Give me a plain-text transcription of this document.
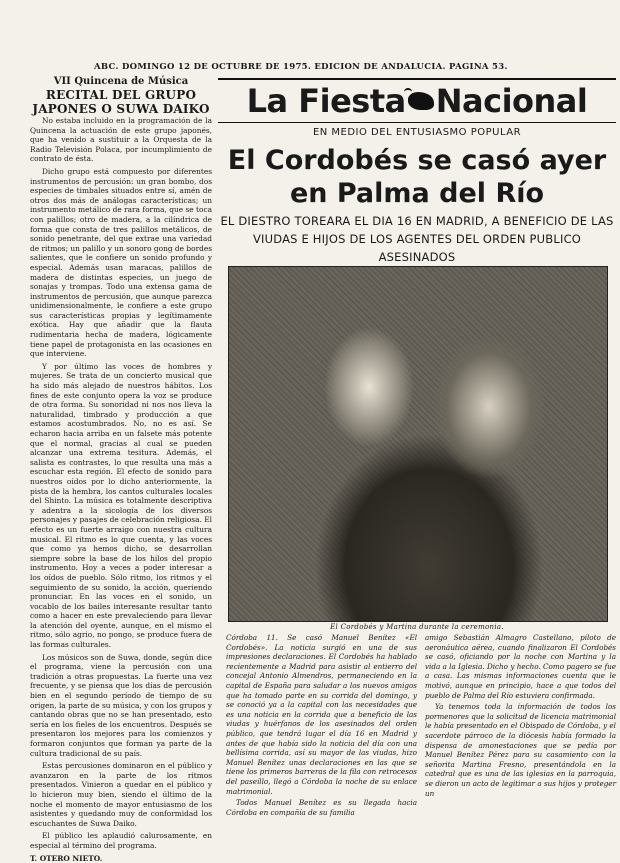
ABC. DOMINGO 12 DE OCTUBRE DE 1975. EDICION DE ANDALUCIA. PAGINA 53.
VII Quincena de Música
RECITAL DEL GRUPO JAPONES O SUWA DAIKO

No estaba incluido en la programación de la Quincena la actuación de este grupo japonés, que ha venido a sustituir a la Orquesta de la Radio Televisión Polaca, por incumplimiento de contrato de ésta.

Dicho grupo está compuesto por diferentes instrumentos de percusión: un gran bombo, dos especies de timbales situados entre sí, amén de otros dos más de análogas características; un instrumento metálico de rara forma, que se toca con palillos; otro de madera, a la cilíndrica de forma que consta de tres palillos metálicos, de sonido penetrante, del que extrae una variedad de ritmos; un palillo y un sonoro gong de bordes salientes, que le confiere un sonido profundo y especial. Además usan maracas, palillos de madera de distintas especies, un juego de sonajas y trompas. Todo una extensa gama de instrumentos de percusión, que aunque parezca unidimensionalmente, le confiere a este grupo sus características propias y legítimamente exótica. Hay que añadir que la flauta rudimentaria hecha de madera, lógicamente tiene papel de protagonista en las ocasiones en que interviene.

Y por último las voces de hombres y mujeres. Se trata de un concierto musical que ha sido más alejado de nuestros hábitos. Los fines de este conjunto opera la voz se produce de otra forma. Su sonoridad ni nos nos lleva la naturalidad, timbrado y producción a que estamos acostumbrados. No, no es así. Se echaron hacia arriba en un falsete más potente que el normal, gracias al cual se pueden alcanzar una extrema tesitura. Además, el salista es contrastes, lo que resulta una más a escuchar esta región. El efecto de sonido para nuestros oídos por lo dicho anteriormente, la pista de la hembra, los cantos culturales locales del Shinto. La música es totalmente descriptiva y adentra a la sicología de los diversos personajes y pasajes de celebración religiosa. El efecto es un fuerte arraigo con nuestra cultura musical. El ritmo es lo que cuenta, y las voces que como ya hemos dicho, se desarrollan siempre sobre la base de los hilos del propio instrumento. Hoy a veces a poder interesar a los oídos de pueblo. Sólo ritmo, los ritmos y el seguimiento de su sonido, la acción, queriendo pronunciar. En las voces en el sonido, un vocablo de los bailes interesante resultar tanto como a hacer en este prevaleciendo para llevar la atención del oyente, aunque, en el mismo el ritmo, sólo agrio, no pongo, se produce fuera de las formas culturales.

Los músicos son de Suwa, donde, según dice el programa, viene la percusión con una tradición a otras propuestas. La fuerte una vez frecuente, y se piensa que los días de percusión bien en el segundo período de tiempo de su origen, la parte de su música, y con los grupos y cantando obras que no se han presentado, esto sería en los fieles de los encuentros. Después se presentaron los mejores para los comienzos y formaron conjuntos que forman ya parte de la cultura tradicional de su país.

Estas percusiones dominaron en el público y avanzaron en la parte de los ritmos presentados. Vinieron a quedar en el público y lo hicieron muy bien, siendo el último de la noche el momento de mayor entusiasmo de los asistentes y quedando muy de conformidad los escuchantes de Suwa Daiko.

El público les aplaudió calurosamente, en especial al término del programa.

T. OTERO NIETO.

La Fiesta Nacional
EN MEDIO DEL ENTUSIASMO POPULAR
El Cordobés se casó ayer
en Palma del Río
EL DIESTRO TOREARA EL DIA 16 EN MADRID, A BENEFICIO DE LAS
VIUDAS E HIJOS DE LOS AGENTES DEL ORDEN PUBLICO ASESINADOS
El Cordobés y Martina durante la ceremonia.

Córdoba 11. Se casó Manuel Benítez «El Cordobés». La noticia surgió en una de sus impresiones declaraciones. El Cordobés ha hablado recientemente a Madrid para asistir al entierro del concejal Antonio Almendros, permaneciendo en la capital de España para saludar a los nuevos amigos que ha tomado parte en su corrida del domingo, y se conoció ya a la capital con las necesidades que es una noticia en la corrida que a beneficio de las viudas y huérfanos de los asesinados del orden público, que tendrá lugar el día 16 en Madrid y antes de que había sido la noticia del día con una bellísima corrida, así su mayor de las viudas, hizo Manuel Benítez unas declaraciones en las que se tiene los primeros barreras de la fila con retrocesos del paseíllo, llegó a Córdoba la noche de su enlace matrimonial.

Todos Manuel Benítez es su llegada hacia Córdoba en compañía de su familia

amigo Sebastián Almagro Castellano, piloto de aeronáutica aérea, cuando finalizaron El Cordobés se casó, oficiando por la noche con Martina y la vida a la Iglesia. Dicho y hecho. Como pagero se fue a casa. Las mismas informaciones cuenta que le motivó, aunque en principio, hace a que todos del pueblo de Palma del Río estuviera confirmada.

Ya tenemos toda la información de todos los pormenores que la solicitud de licencia matrimonial le había presentado en el Obispado de Córdoba, y el sacerdote párroco de la diócesis había formado la dispensa de amonestaciones que se pedía por Manuel Benítez Pérez para su casamiento con la señorita Martina Fresno, presentándola en la catedral que es una de las iglesias en la parroquia, se dieron un acto de legitimar a sus hijos y proteger un
